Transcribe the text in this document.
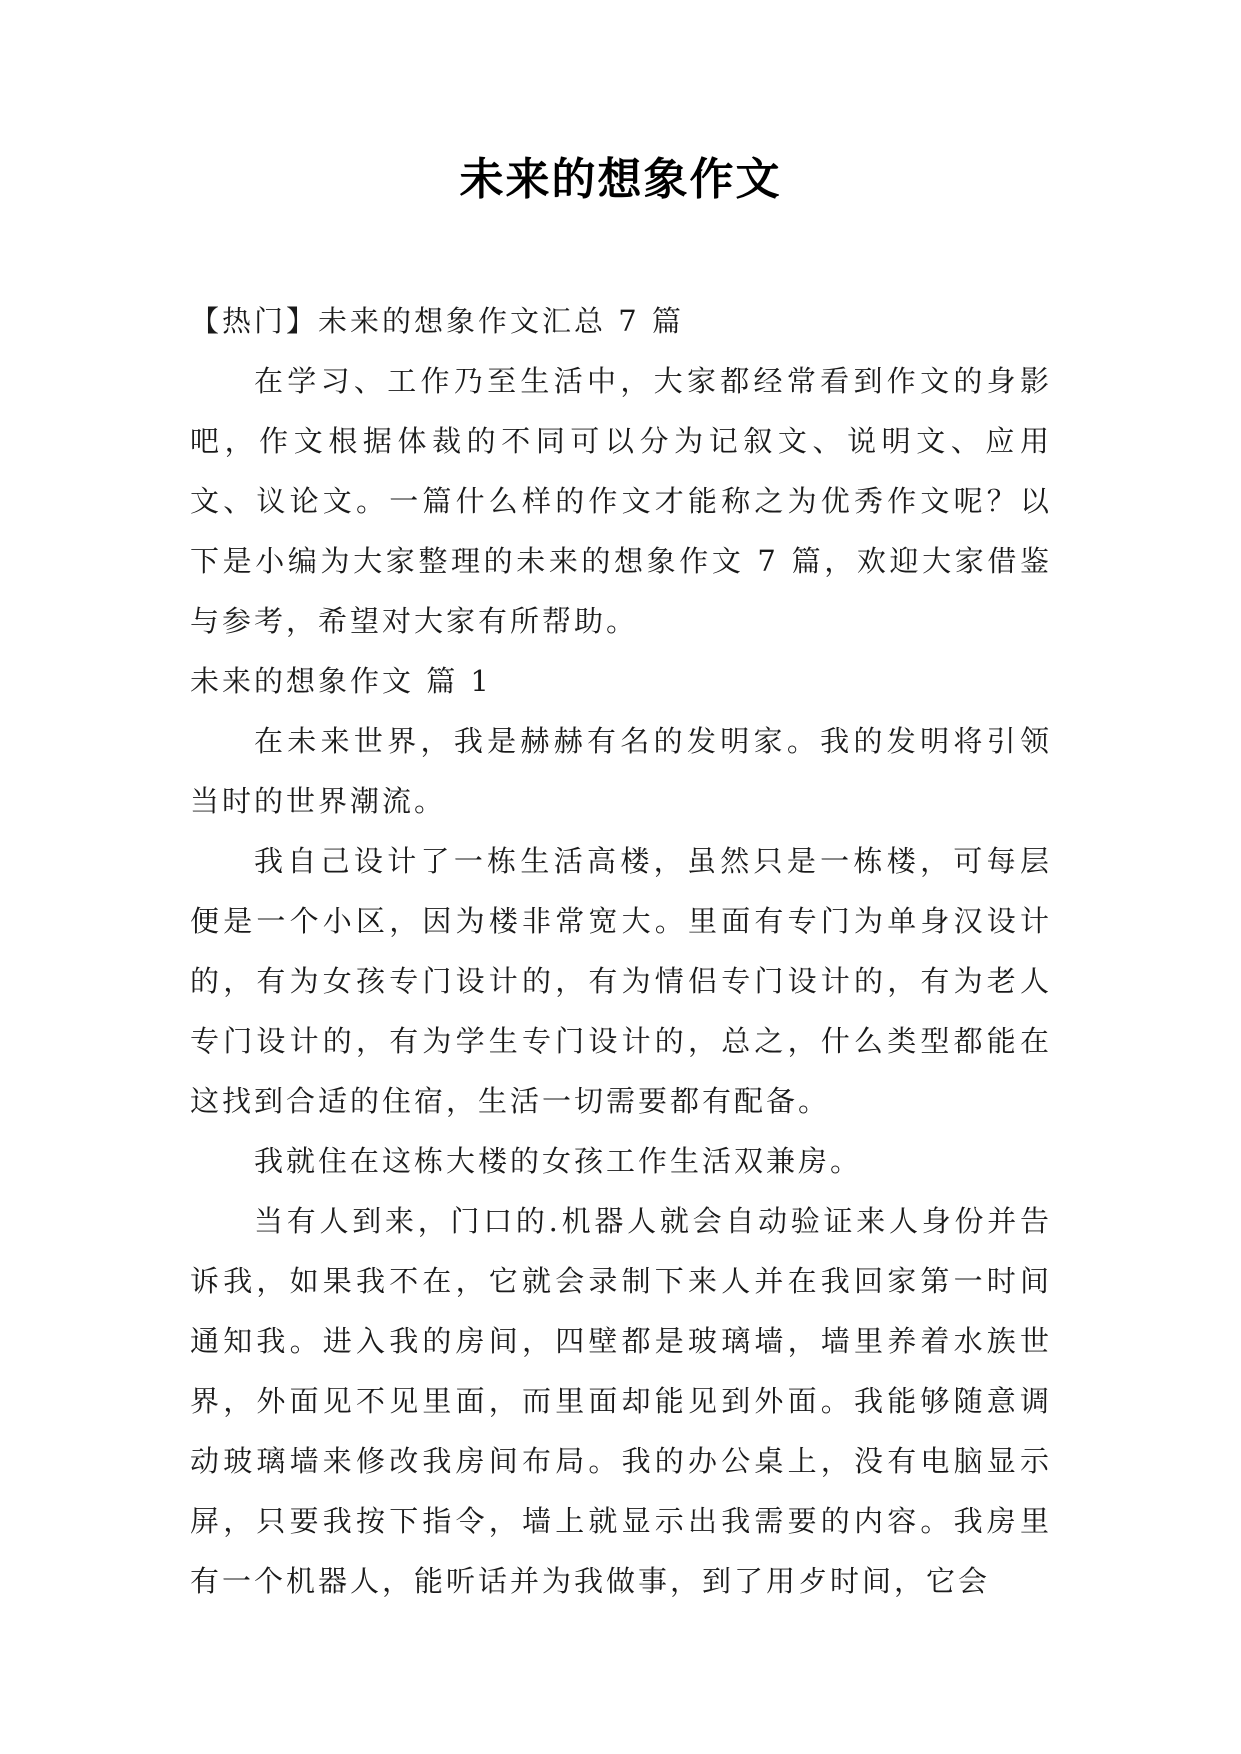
未来的想象作文

【热门】未来的想象作文汇总 7 篇

在学习、工作乃至生活中，大家都经常看到作文的身影吧，作文根据体裁的不同可以分为记叙文、说明文、应用文、议论文。一篇什么样的作文才能称之为优秀作文呢？以下是小编为大家整理的未来的想象作文 7 篇，欢迎大家借鉴与参考，希望对大家有所帮助。

未来的想象作文 篇 1

在未来世界，我是赫赫有名的发明家。我的发明将引领当时的世界潮流。

我自己设计了一栋生活高楼，虽然只是一栋楼，可每层便是一个小区，因为楼非常宽大。里面有专门为单身汉设计的，有为女孩专门设计的，有为情侣专门设计的，有为老人专门设计的，有为学生专门设计的，总之，什么类型都能在这找到合适的住宿，生活一切需要都有配备。

我就住在这栋大楼的女孩工作生活双兼房。

当有人到来，门口的.机器人就会自动验证来人身份并告诉我，如果我不在，它就会录制下来人并在我回家第一时间通知我。进入我的房间，四壁都是玻璃墙，墙里养着水族世界，外面见不见里面，而里面却能见到外面。我能够随意调动玻璃墙来修改我房间布局。我的办公桌上，没有电脑显示屏，只要我按下指令，墙上就显示出我需要的内容。我房里有一个机器人，能听话并为我做事，到了用歺时间，它会
